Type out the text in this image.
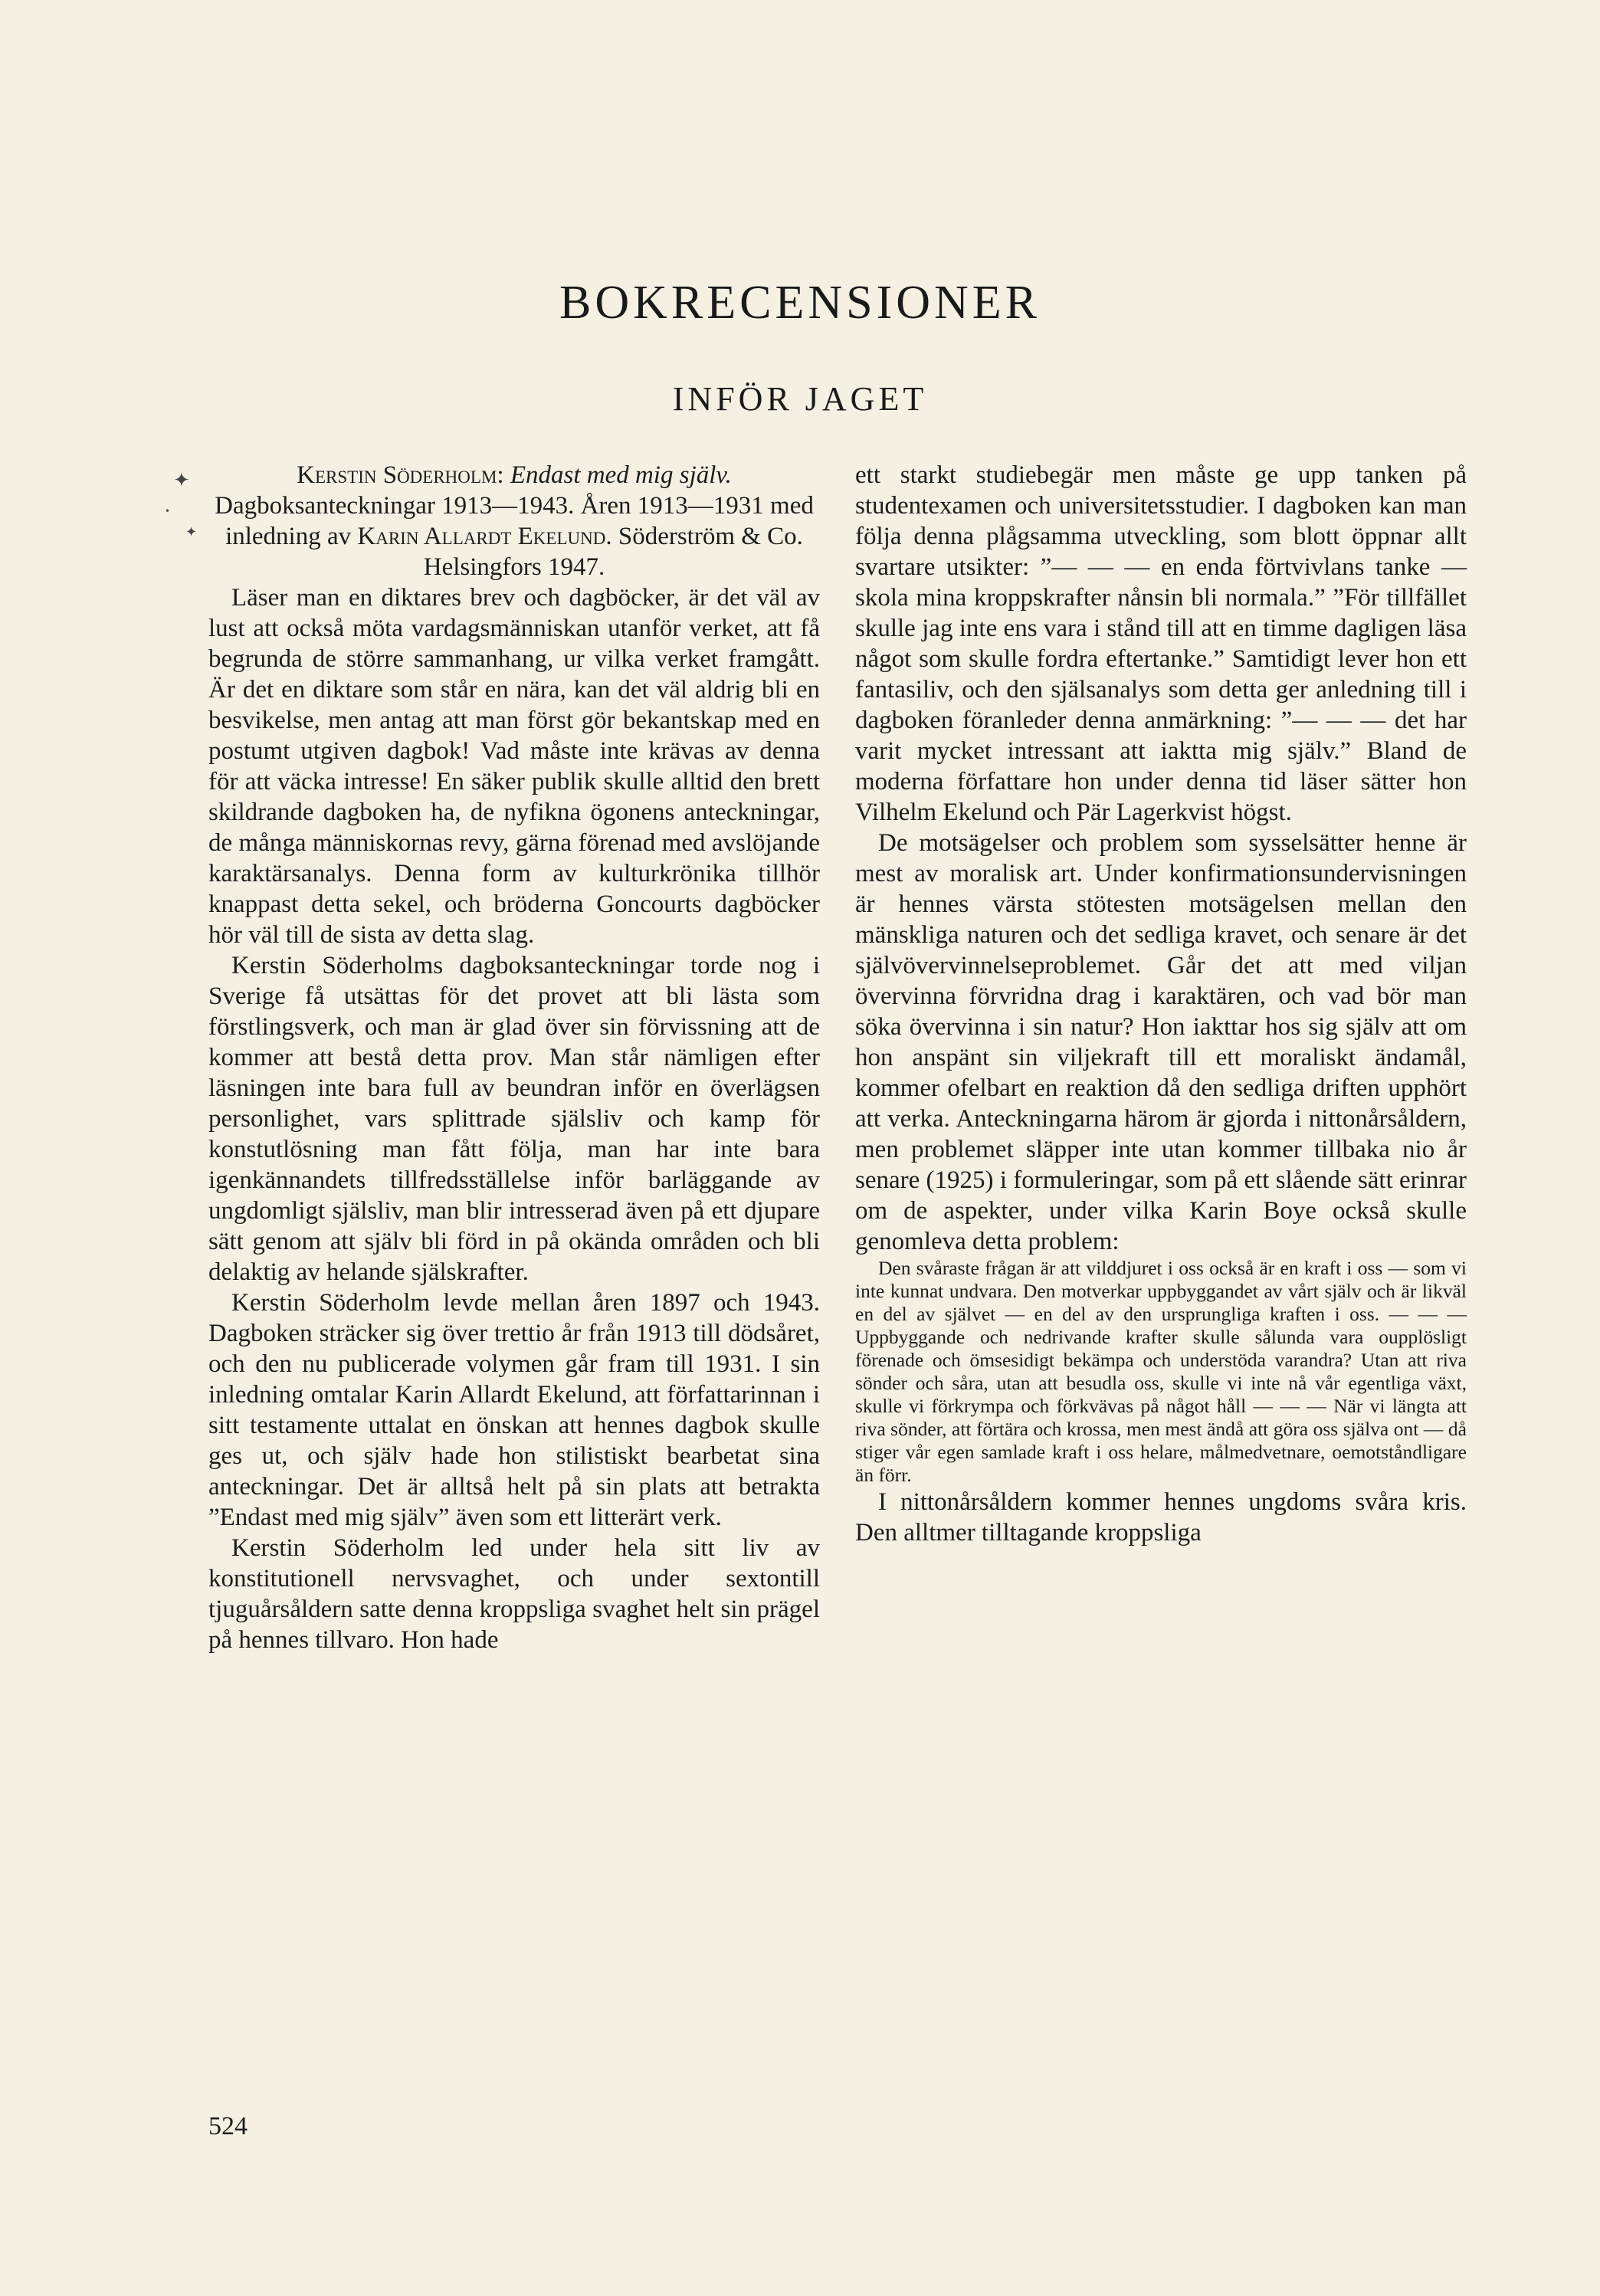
BOKRECENSIONER
INFÖR JAGET

Kerstin Söderholm: Endast med mig själv. Dagboksanteckningar 1913—1943. Åren 1913—1931 med inledning av Karin Allardt Ekelund. Söderström & Co. Helsingfors 1947.

Läser man en diktares brev och dagböcker, är det väl av lust att också möta vardagsmänniskan utanför verket, att få begrunda de större sammanhang, ur vilka verket framgått. Är det en diktare som står en nära, kan det väl aldrig bli en besvikelse, men antag att man först gör bekantskap med en postumt utgiven dagbok! Vad måste inte krävas av denna för att väcka intresse! En säker publik skulle alltid den brett skildrande dagboken ha, de nyfikna ögonens anteckningar, de många människornas revy, gärna förenad med avslöjande karaktärsanalys. Denna form av kulturkrönika tillhör knappast detta sekel, och bröderna Goncourts dagböcker hör väl till de sista av detta slag.

Kerstin Söderholms dagboksanteckningar torde nog i Sverige få utsättas för det provet att bli lästa som förstlingsverk, och man är glad över sin förvissning att de kommer att bestå detta prov. Man står nämligen efter läsningen inte bara full av beundran inför en överlägsen personlighet, vars splittrade själsliv och kamp för konstutlösning man fått följa, man har inte bara igenkännandets tillfredsställelse inför barläggande av ungdomligt själsliv, man blir intresserad även på ett djupare sätt genom att själv bli förd in på okända områden och bli delaktig av helande själskrafter.

Kerstin Söderholm levde mellan åren 1897 och 1943. Dagboken sträcker sig över trettio år från 1913 till dödsåret, och den nu publicerade volymen går fram till 1931. I sin inledning omtalar Karin Allardt Ekelund, att författarinnan i sitt testamente uttalat en önskan att hennes dagbok skulle ges ut, och själv hade hon stilistiskt bearbetat sina anteckningar. Det är alltså helt på sin plats att betrakta ”Endast med mig själv” även som ett litterärt verk.

Kerstin Söderholm led under hela sitt liv av konstitutionell nervsvaghet, och under sextontill tjuguårsåldern satte denna kroppsliga svaghet helt sin prägel på hennes tillvaro. Hon hade

ett starkt studiebegär men måste ge upp tanken på studentexamen och universitetsstudier. I dagboken kan man följa denna plågsamma utveckling, som blott öppnar allt svartare utsikter: ”— — — en enda förtvivlans tanke — skola mina kroppskrafter nånsin bli normala.” ”För tillfället skulle jag inte ens vara i stånd till att en timme dagligen läsa något som skulle fordra eftertanke.” Samtidigt lever hon ett fantasiliv, och den själsanalys som detta ger anledning till i dagboken föranleder denna anmärkning: ”— — — det har varit mycket intressant att iaktta mig själv.” Bland de moderna författare hon under denna tid läser sätter hon Vilhelm Ekelund och Pär Lagerkvist högst.

De motsägelser och problem som sysselsätter henne är mest av moralisk art. Under konfirmationsundervisningen är hennes värsta stötesten motsägelsen mellan den mänskliga naturen och det sedliga kravet, och senare är det självövervinnelseproblemet. Går det att med viljan övervinna förvridna drag i karaktären, och vad bör man söka övervinna i sin natur? Hon iakttar hos sig själv att om hon anspänt sin viljekraft till ett moraliskt ändamål, kommer ofelbart en reaktion då den sedliga driften upphört att verka. Anteckningarna härom är gjorda i nittonårsåldern, men problemet släpper inte utan kommer tillbaka nio år senare (1925) i formuleringar, som på ett slående sätt erinrar om de aspekter, under vilka Karin Boye också skulle genomleva detta problem:

Den svåraste frågan är att vilddjuret i oss också är en kraft i oss — som vi inte kunnat undvara. Den motverkar uppbyggandet av vårt själv och är likväl en del av självet — en del av den ursprungliga kraften i oss. — — — Uppbyggande och nedrivande krafter skulle sålunda vara oupplösligt förenade och ömsesidigt bekämpa och understöda varandra? Utan att riva sönder och såra, utan att besudla oss, skulle vi inte nå vår egentliga växt, skulle vi förkrympa och förkvävas på något håll — — — När vi längta att riva sönder, att förtära och krossa, men mest ändå att göra oss själva ont — då stiger vår egen samlade kraft i oss helare, målmedvetnare, oemotståndligare än förr.

I nittonårsåldern kommer hennes ungdoms svåra kris. Den alltmer tilltagande kroppsliga

524

✦
•
✦
